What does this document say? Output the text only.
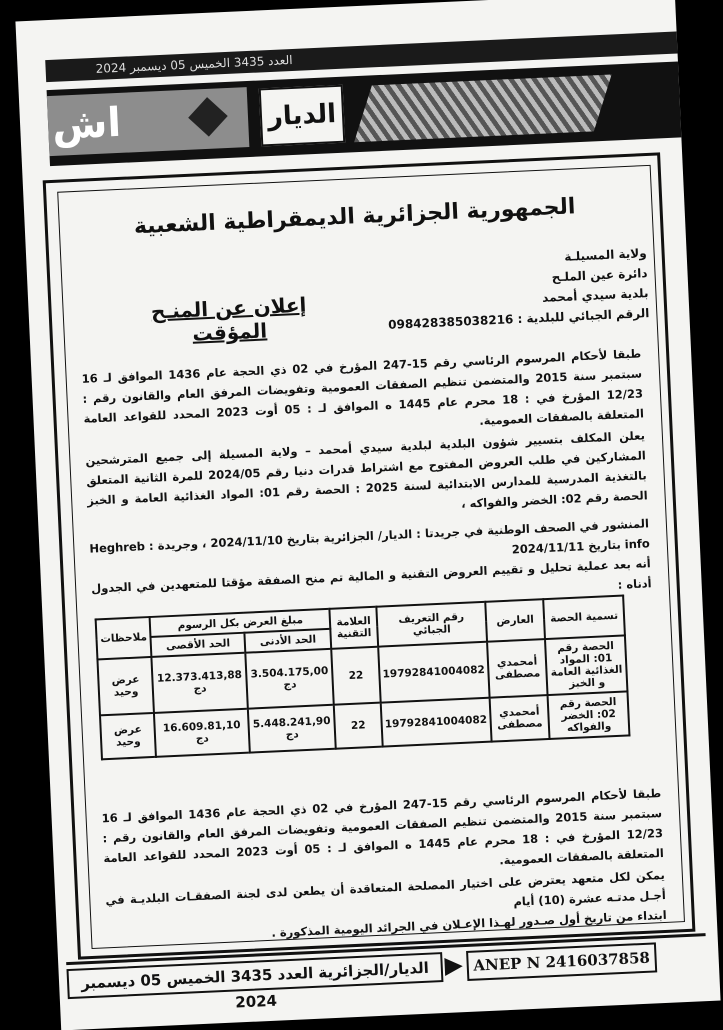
العدد 3435 الخميس 05 ديسمبر 2024
اش	الديار
الجمهورية الجزائرية الديمقراطية الشعبية
ولاية المسيلـة
دائرة عين الملـح
بلدية سيدي أمحمد
الرقم الجبائي للبلدية : 098428385038216
إعلان عن المنـح المؤقت
طبقا لأحكام المرسوم الرئاسي رقم 15-247 المؤرخ في 02 ذي الحجة عام 1436 الموافق لـ 16 سبتمبر سنة 2015 والمتضمن تنظيم الصفقات العمومية وتفويضات المرفق العام والقانون رقم : 12/23 المؤرخ في : 18 محرم عام 1445 ه الموافق لـ : 05 أوت 2023 المحدد للقواعد العامة المتعلقة بالصفقات العمومية.
يعلن المكلف بتسيير شؤون البلدية لبلدية سيدي أمحمد – ولاية المسيلة إلى جميع المترشحين المشاركين في طلب العروض المفتوح مع اشتراط قدرات دنيا رقم 2024/05 للمرة الثانية المتعلق بالتغذية المدرسية للمدارس الابتدائية لسنة 2025 : الحصة رقم 01: المواد الغذائية العامة و الخبز الحصة رقم 02: الخضر والفواكه ،
المنشور في الصحف الوطنية في جريدتا : الديار/ الجزائرية بتاريخ 2024/11/10 ، وجريدة : Heghreb info بتاريخ 2024/11/11
أنه بعد عملية تحليل و تقييم العروض التقنية و المالية تم منح الصفقة مؤقتا للمتعهدين في الجدول أدناه :
تسمية الحصة	العارض	رقم التعريف الجبائي	العلامة التقنية	مبلغ العرض بكل الرسوم		ملاحظات
				الحد الأدنى	الحد الأقصى	
الحصة رقم 01: المواد الغذائية العامة و الخبز	أمحمدي مصطفى	19792841004082	22	3.504.175,00 دج	12.373.413,88 دج	عرض وحيد
الحصة رقم 02: الخضر والفواكه	أمحمدي مصطفى	19792841004082	22	5.448.241,90 دج	16.609.81,10 دج	عرض وحيد
طبقا لأحكام المرسوم الرئاسي رقم 15-247 المؤرخ في 02 ذي الحجة عام 1436 الموافق لـ 16 سبتمبر سنة 2015 والمتضمن تنظيم الصفقات العمومية وتفويضات المرفق العام والقانون رقم : 12/23 المؤرخ في : 18 محرم عام 1445 ه الموافق لـ : 05 أوت 2023 المحدد للقواعد العامة المتعلقة بالصفقات العمومية.
يمكن لكل متعهد يعترض على اختيار المصلحة المتعاقدة أن يطعن لدى لجنة الصفقـات البلديـة في أجـل مدتـه عشرة (10) أيام
ابتداء من تاريخ أول صـدور لهـذا الإعـلان في الجرائد اليومية المذكورة .
الديار/الجزائرية العدد 3435 الخميس 05 ديسمبر 2024
ANEP N 2416037858
